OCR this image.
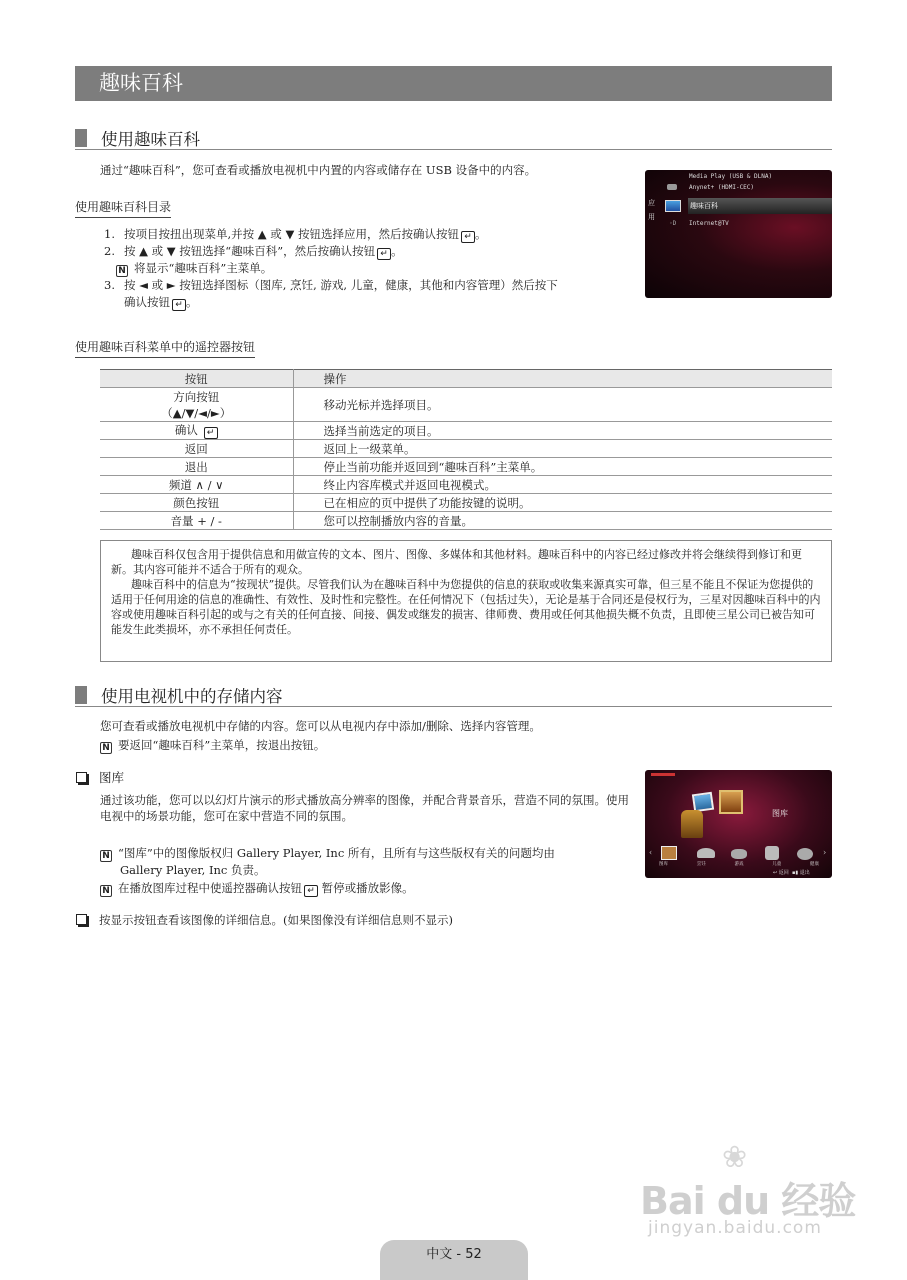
趣味百科
使用趣味百科
通过“趣味百科”，您可查看或播放电视机中内置的内容或储存在 USB 设备中的内容。
使用趣味百科目录
1. 按项目按扭出现菜单,并按 ▲ 或 ▼ 按钮选择应用，然后按确认按钮 ↵ 。
2. 按 ▲ 或 ▼ 按钮选择“趣味百科”，然后按确认按钮 ↵ 。
N 将显示“趣味百科”主菜单。
3. 按 ◄ 或 ► 按钮选择图标（图库, 烹饪, 游戏, 儿童，健康，其他和内容管理）然后按下
确认按钮 ↵ 。
应用
Media Play (USB & DLNA)
Anynet+ (HDMI-CEC)
趣味百科
◦D Internet@TV
使用趣味百科菜单中的遥控器按钮
按钮	操作

方向按钮
（▲/▼/◄/►）	移动光标并选择项目。
确认 ↵	选择当前选定的项目。
返回	返回上一级菜单。
退出	停止当前功能并返回到“趣味百科”主菜单。
频道 ∧ / ∨	终止内容库模式并返回电视模式。
颜色按钮	已在相应的页中提供了功能按键的说明。
音量 + / -	您可以控制播放内容的音量。

趣味百科仅包含用于提供信息和用做宣传的文本、图片、图像、多媒体和其他材料。趣味百科中的内容已经过修改并将会继续得到修订和更新。其内容可能并不适合于所有的观众。

趣味百科中的信息为“按现状”提供。尽管我们认为在趣味百科中为您提供的信息的获取或收集来源真实可靠，但三星不能且不保证为您提供的适用于任何用途的信息的准确性、有效性、及时性和完整性。在任何情况下（包括过失），无论是基于合同还是侵权行为，三星对因趣味百科中的内容或使用趣味百科引起的或与之有关的任何直接、间接、偶发或继发的损害、律师费、费用或任何其他损失概不负责，且即使三星公司已被告知可能发生此类损坏，亦不承担任何责任。

使用电视机中的存储内容
您可查看或播放电视机中存储的内容。您可以从电视内存中添加/删除、选择内容管理。
N 要返回“趣味百科”主菜单，按退出按钮。
图库
通过该功能，您可以以幻灯片演示的形式播放高分辨率的图像，并配合背景音乐，营造不同的氛围。使用电视中的场景功能，您可在家中营造不同的氛围。
N “图库”中的图像版权归 Gallery Player, Inc 所有，且所有与这些版权有关的问题均由
Gallery Player, Inc 负责。
N 在播放图库过程中使遥控器确认按钮 ↵ 暂停或播放影像。
图库
‹	›
图库	烹饪	游戏	儿童	健康
↩ 返回 ▪▮ 退出
按显示按钮查看该图像的详细信息。(如果图像没有详细信息则不显示)
❀
Bai du 经验
jingyan.baidu.com
中文 - 52
